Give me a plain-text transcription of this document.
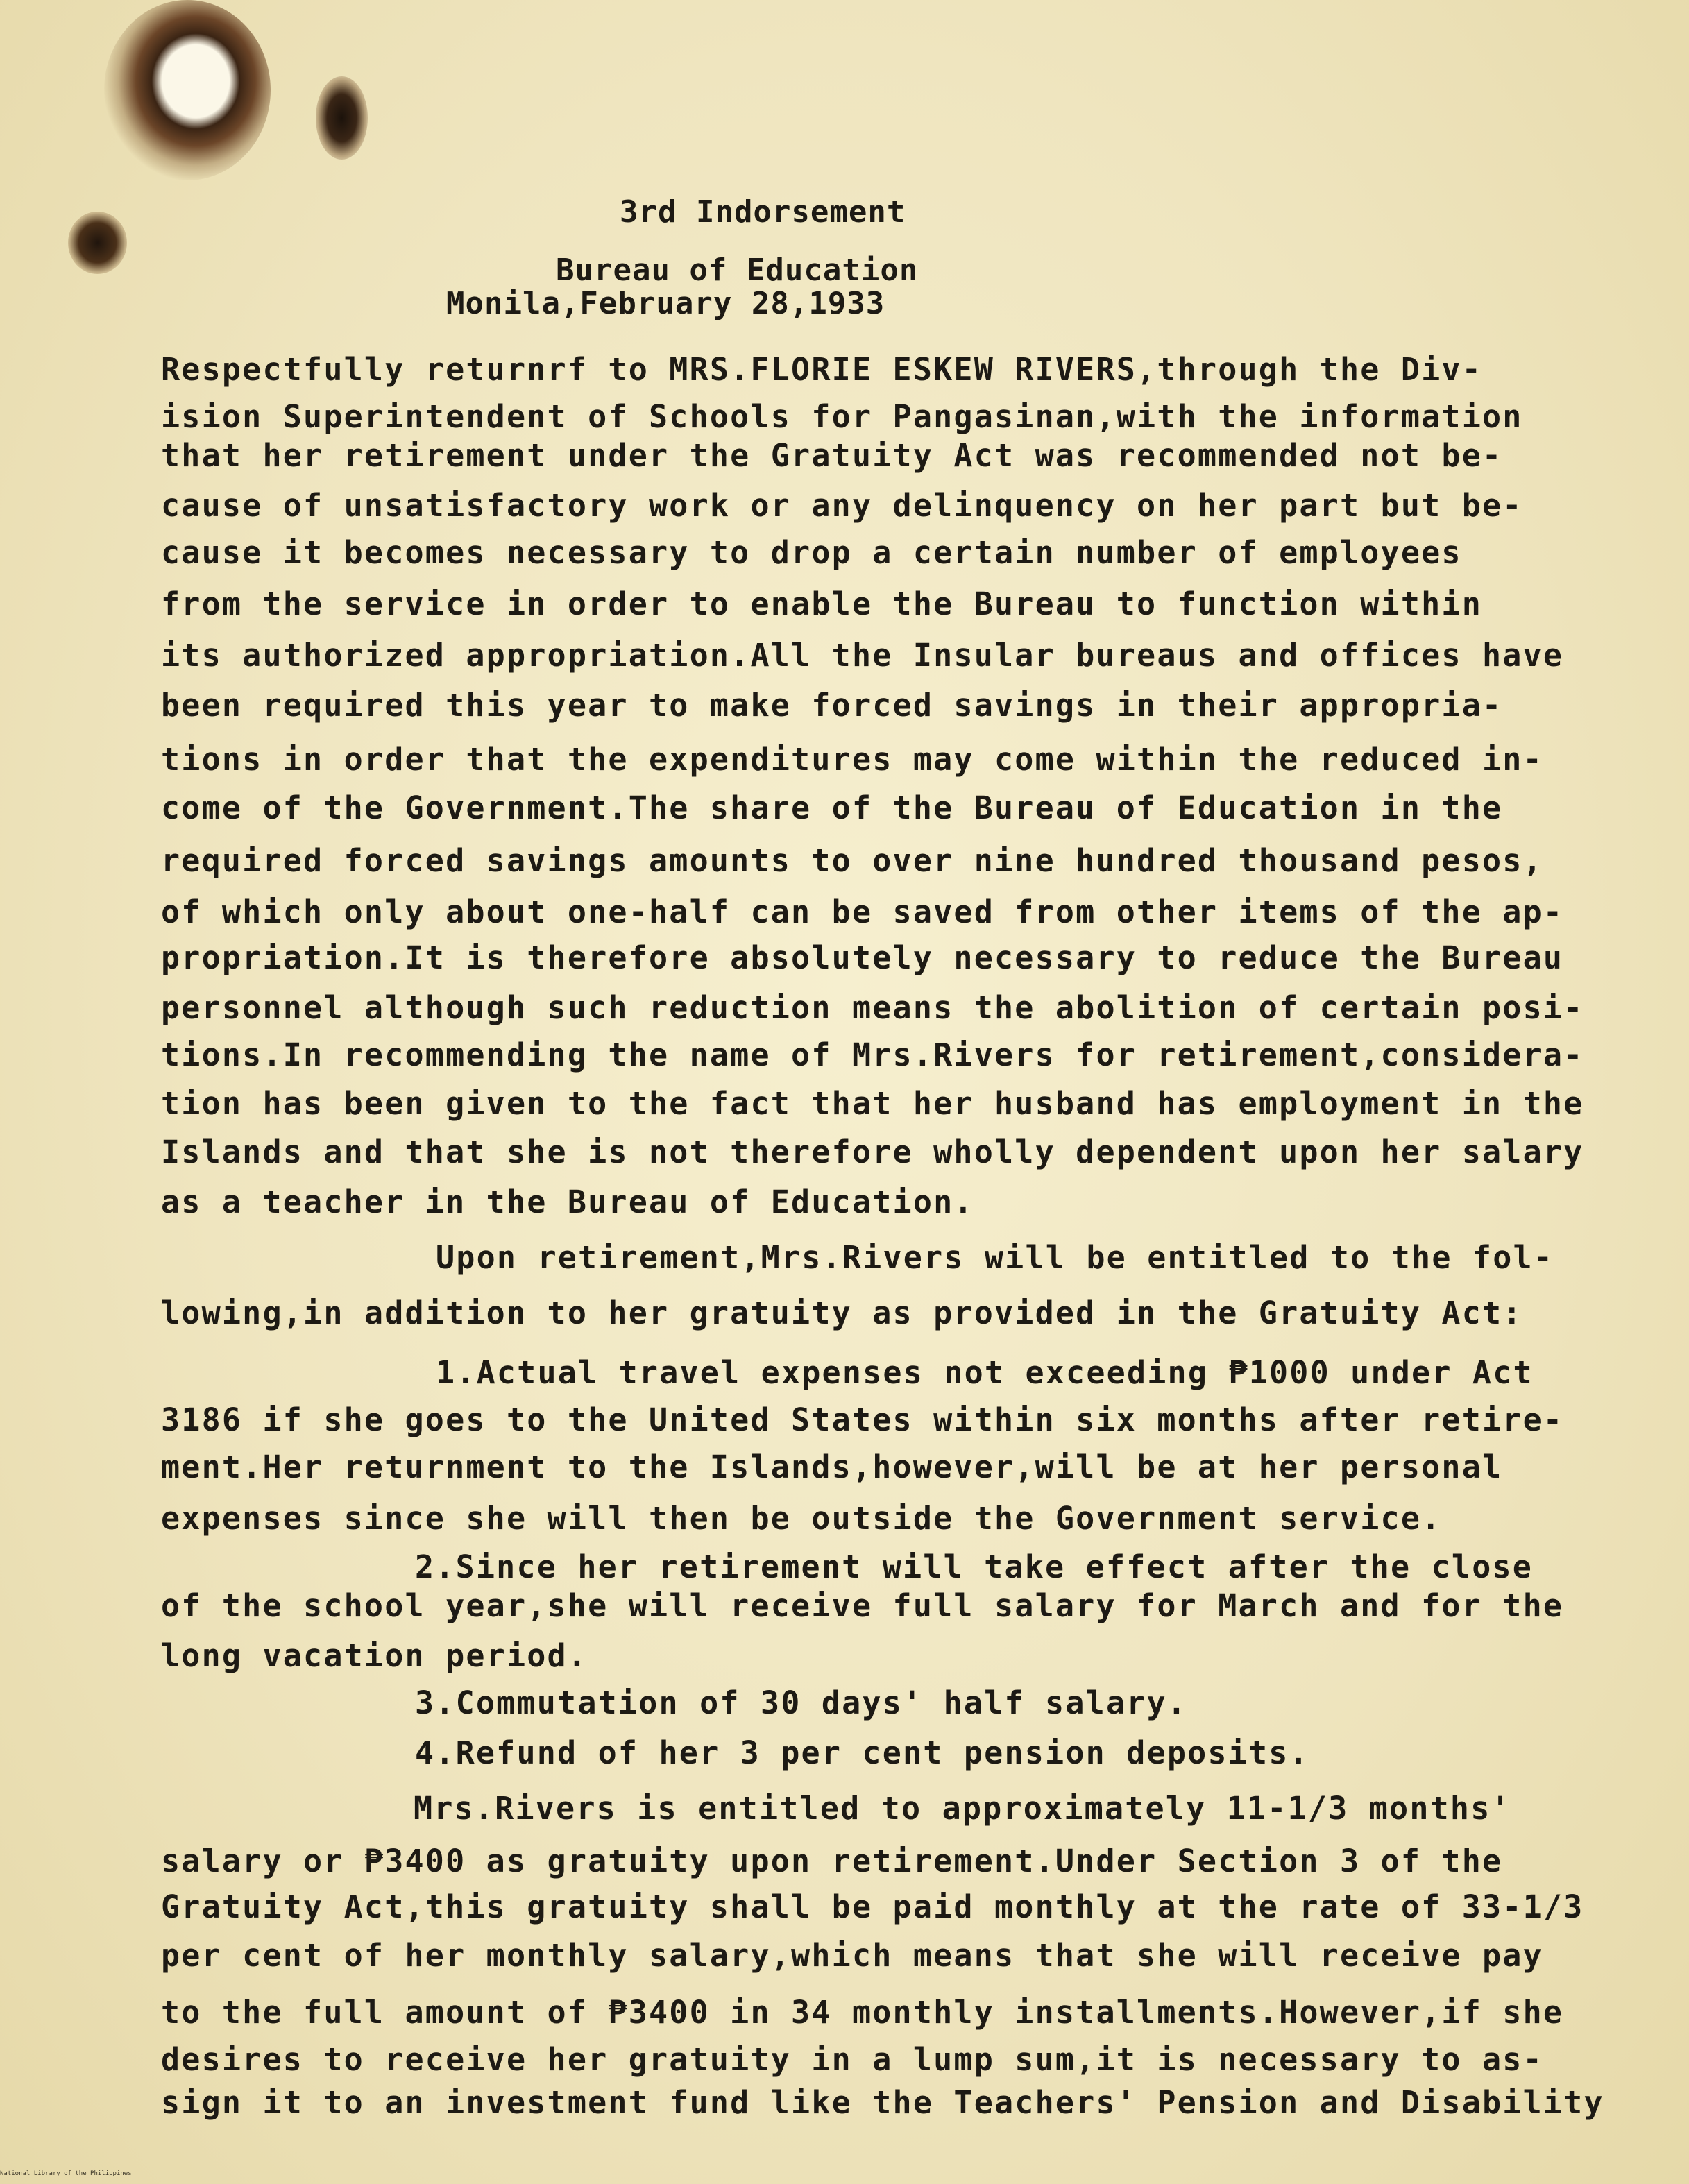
3rd Indorsement
Bureau of Education
Monila,February 28,1933
Respectfully returnrf to MRS.FLORIE ESKEW RIVERS,through the Div-
ision Superintendent of Schools for Pangasinan,with the information
that her retirement under the Gratuity Act was recommended not be-
cause of unsatisfactory work or any delinquency on her part but be-
cause it becomes necessary to drop a certain number of employees
from the service in order to enable the Bureau to function within
its authorized appropriation.All the Insular bureaus and offices have
been required this year to make forced savings in their appropria-
tions in order that the expenditures may come within the reduced in-
come of the Government.The share of the Bureau of Education in the
required forced savings amounts to over nine hundred thousand pesos,
of which only about one-half can be saved from other items of the ap-
propriation.It is therefore absolutely necessary to reduce the Bureau
personnel although such reduction means the abolition of certain posi-
tions.In recommending the name of Mrs.Rivers for retirement,considera-
tion has been given to the fact that her husband has employment in the
Islands and that she is not therefore wholly dependent upon her salary
as a teacher in the Bureau of Education.
Upon retirement,Mrs.Rivers will be entitled to the fol-
lowing,in addition to her gratuity as provided in the Gratuity Act:
1.Actual travel expenses not exceeding ₱1000 under Act
3186 if she goes to the United States within six months after retire-
ment.Her returnment to the Islands,however,will be at her personal
expenses since she will then be outside the Government service.
2.Since her retirement will take effect after the close
of the school year,she will receive full salary for March and for the
long vacation period.
3.Commutation of 30 days' half salary.
4.Refund of her 3 per cent pension deposits.
Mrs.Rivers is entitled to approximately 11-1/3 months'
salary or ₱3400 as gratuity upon retirement.Under Section 3 of the
Gratuity Act,this gratuity shall be paid monthly at the rate of 33-1/3
per cent of her monthly salary,which means that she will receive pay
to the full amount of ₱3400 in 34 monthly installments.However,if she
desires to receive her gratuity in a lump sum,it is necessary to as-
sign it to an investment fund like the Teachers' Pension and Disability
National Library of the Philippines
